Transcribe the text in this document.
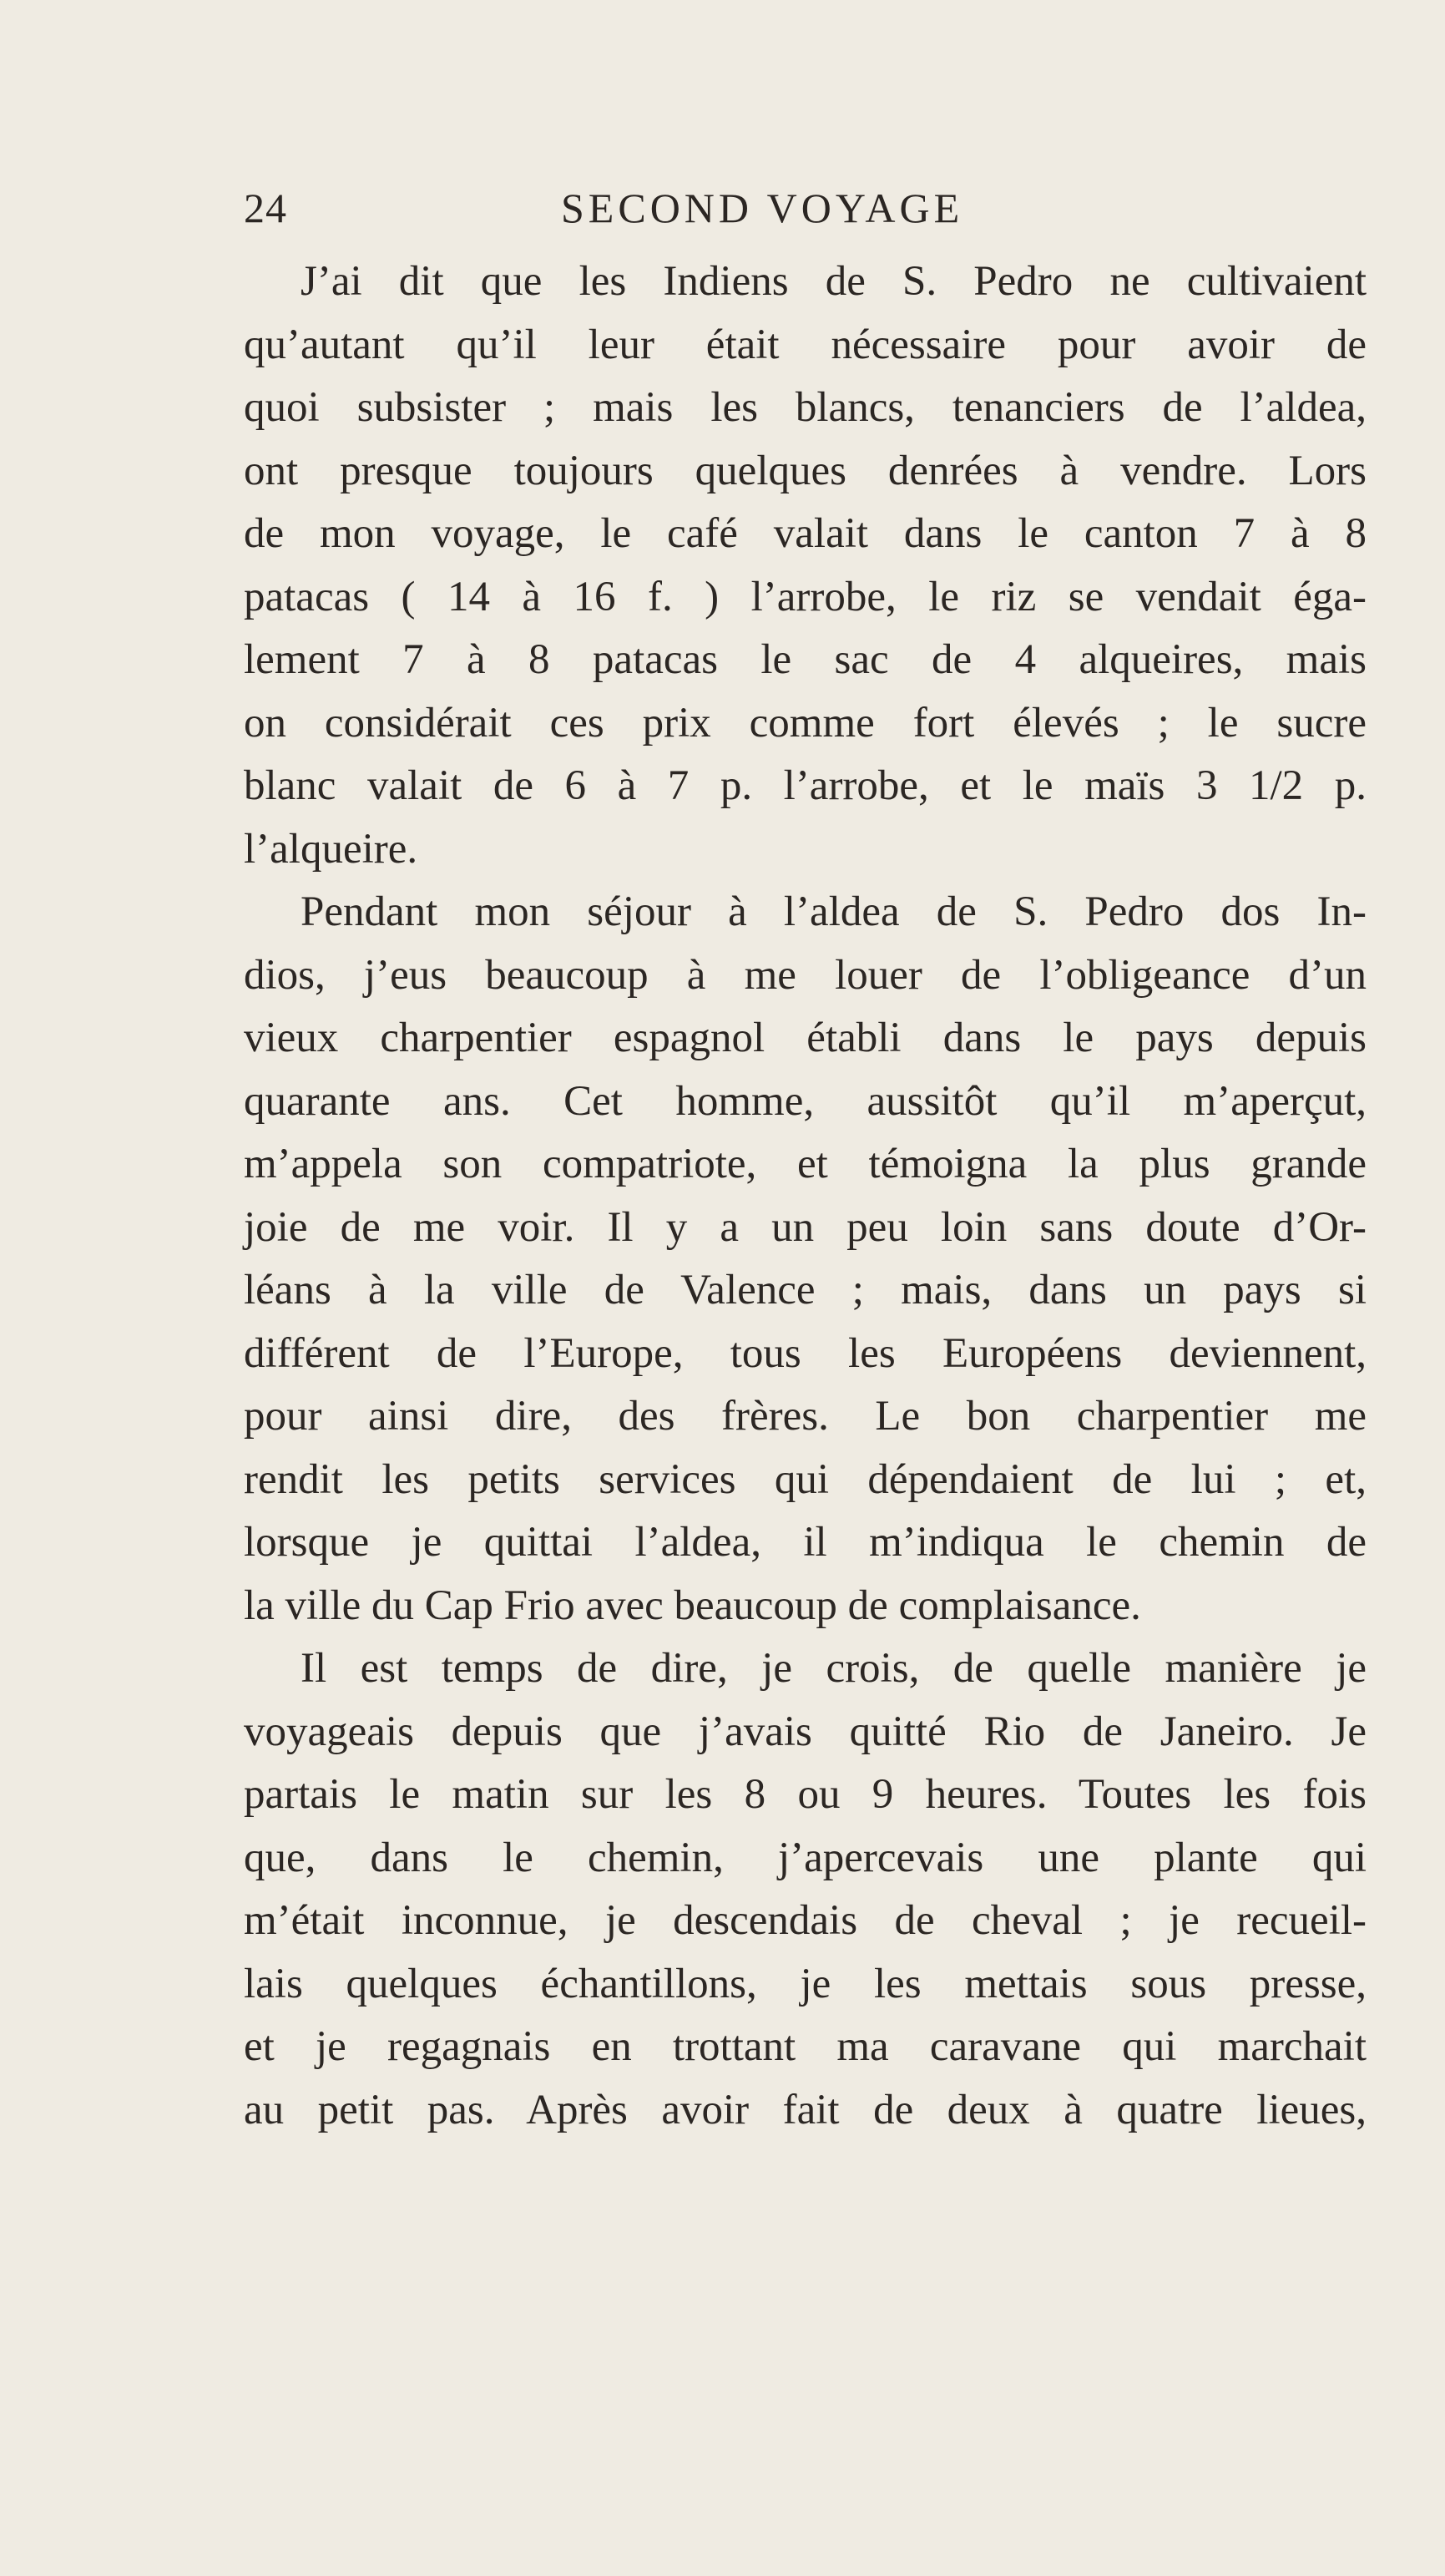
24	SECOND VOYAGE
J’ai dit que les Indiens de S. Pedro ne cultivaient
qu’autant qu’il leur était nécessaire pour avoir de
quoi subsister ; mais les blancs, tenanciers de l’aldea,
ont presque toujours quelques denrées à vendre. Lors
de mon voyage, le café valait dans le canton 7 à 8
patacas ( 14 à 16 f. ) l’arrobe, le riz se vendait éga-
lement 7 à 8 patacas le sac de 4 alqueires, mais
on considérait ces prix comme fort élevés ; le sucre
blanc valait de 6 à 7 p. l’arrobe, et le maïs 3 1/2 p.
l’alqueire.
Pendant mon séjour à l’aldea de S. Pedro dos In-
dios, j’eus beaucoup à me louer de l’obligeance d’un
vieux charpentier espagnol établi dans le pays depuis
quarante ans. Cet homme, aussitôt qu’il m’aperçut,
m’appela son compatriote, et témoigna la plus grande
joie de me voir. Il y a un peu loin sans doute d’Or-
léans à la ville de Valence ; mais, dans un pays si
différent de l’Europe, tous les Européens deviennent,
pour ainsi dire, des frères. Le bon charpentier me
rendit les petits services qui dépendaient de lui ; et,
lorsque je quittai l’aldea, il m’indiqua le chemin de
la ville du Cap Frio avec beaucoup de complaisance.
Il est temps de dire, je crois, de quelle manière je
voyageais depuis que j’avais quitté Rio de Janeiro. Je
partais le matin sur les 8 ou 9 heures. Toutes les fois
que, dans le chemin, j’apercevais une plante qui
m’était inconnue, je descendais de cheval ; je recueil-
lais quelques échantillons, je les mettais sous presse,
et je regagnais en trottant ma caravane qui marchait
au petit pas. Après avoir fait de deux à quatre lieues,
